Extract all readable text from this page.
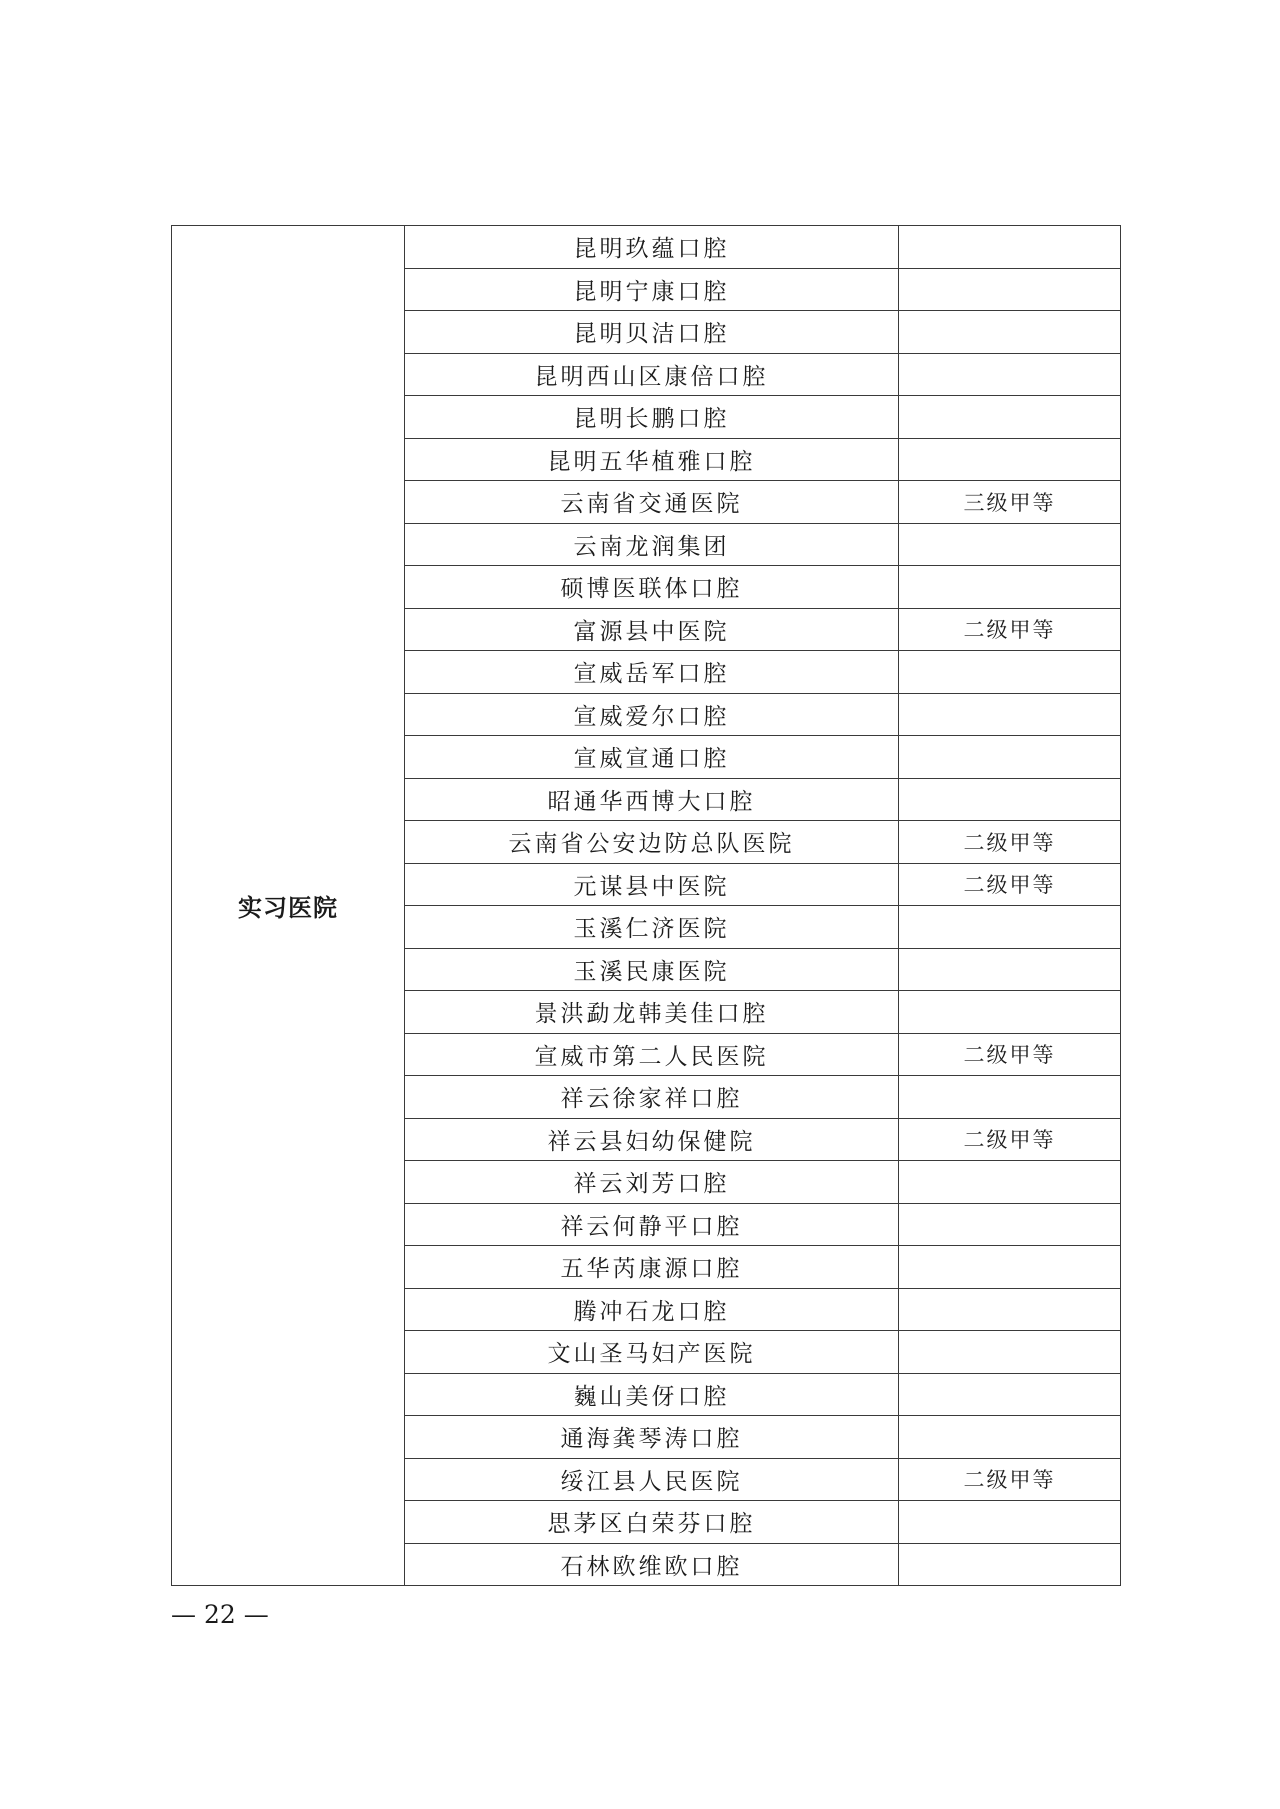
实习医院	昆明玖蕴口腔	
	昆明宁康口腔	
	昆明贝洁口腔	
	昆明西山区康倍口腔	
	昆明长鹏口腔	
	昆明五华植雅口腔	
	云南省交通医院	三级甲等
	云南龙润集团	
	硕博医联体口腔	
	富源县中医院	二级甲等
	宣威岳军口腔	
	宣威爱尔口腔	
	宣威宣通口腔	
	昭通华西博大口腔	
	云南省公安边防总队医院	二级甲等
	元谋县中医院	二级甲等
	玉溪仁济医院	
	玉溪民康医院	
	景洪勐龙韩美佳口腔	
	宣威市第二人民医院	二级甲等
	祥云徐家祥口腔	
	祥云县妇幼保健院	二级甲等
	祥云刘芳口腔	
	祥云何静平口腔	
	五华芮康源口腔	
	腾冲石龙口腔	
	文山圣马妇产医院	
	巍山美伢口腔	
	通海龚琴涛口腔	
	绥江县人民医院	二级甲等
	思茅区白荣芬口腔	
	石林欧维欧口腔	
— 22 —
